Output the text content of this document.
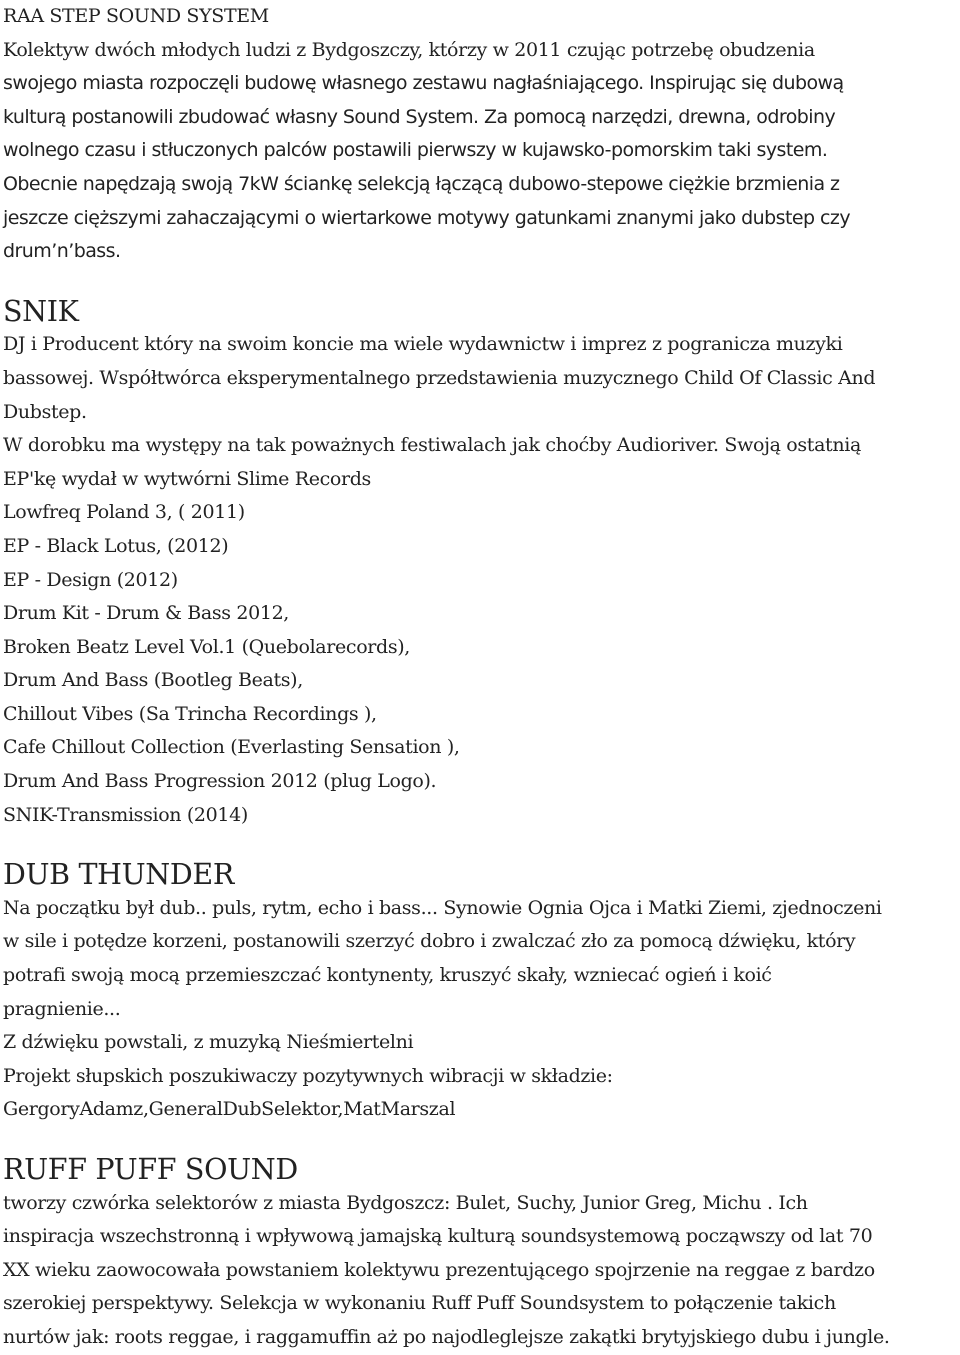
RAA STEP SOUND SYSTEM
Kolektyw dwóch młodych ludzi z Bydgoszczy, którzy w 2011 czując potrzebę obudzenia
swojego miasta rozpoczęli budowę własnego zestawu nagłaśniającego. Inspirując się dubową
kulturą postanowili zbudować własny Sound System. Za pomocą narzędzi, drewna, odrobiny
wolnego czasu i stłuczonych palców postawili pierwszy w kujawsko-pomorskim taki system.
Obecnie napędzają swoją 7kW ściankę selekcją łączącą dubowo-stepowe ciężkie brzmienia z
jeszcze cięższymi zahaczającymi o wiertarkowe motywy gatunkami znanymi jako dubstep czy
drum’n’bass.
SNIK
DJ i Producent który na swoim koncie ma wiele wydawnictw i imprez z pogranicza muzyki
bassowej. Współtwórca eksperymentalnego przedstawienia muzycznego Child Of Classic And
Dubstep.
W dorobku ma występy na tak poważnych festiwalach jak choćby Audioriver. Swoją ostatnią
EP'kę wydał w wytwórni Slime Records
Lowfreq Poland 3, ( 2011)
EP - Black Lotus, (2012)
EP - Design (2012)
Drum Kit - Drum & Bass 2012,
Broken Beatz Level Vol.1 (Quebolarecords),
Drum And Bass (Bootleg Beats),
Chillout Vibes (Sa Trincha Recordings ),
Cafe Chillout Collection (Everlasting Sensation ),
Drum And Bass Progression 2012 (plug Logo).
SNIK-Transmission (2014)
DUB THUNDER
Na początku był dub.. puls, rytm, echo i bass... Synowie Ognia Ojca i Matki Ziemi, zjednoczeni
w sile i potędze korzeni, postanowili szerzyć dobro i zwalczać zło za pomocą dźwięku, który
potrafi swoją mocą przemieszczać kontynenty, kruszyć skały, wzniecać ogień i koić
pragnienie...
Z dźwięku powstali, z muzyką Nieśmiertelni
Projekt słupskich poszukiwaczy pozytywnych wibracji w składzie:
GergoryAdamz,GeneralDubSelektor,MatMarszal
RUFF PUFF SOUND
tworzy czwórka selektorów z miasta Bydgoszcz: Bulet, Suchy, Junior Greg, Michu . Ich
inspiracja wszechstronną i wpływową jamajską kulturą soundsystemową począwszy od lat 70
XX wieku zaowocowała powstaniem kolektywu prezentującego spojrzenie na reggae z bardzo
szerokiej perspektywy. Selekcja w wykonaniu Ruff Puff Soundsystem to połączenie takich
nurtów jak: roots reggae, i raggamuffin aż po najodleglejsze zakątki brytyjskiego dubu i jungle.
